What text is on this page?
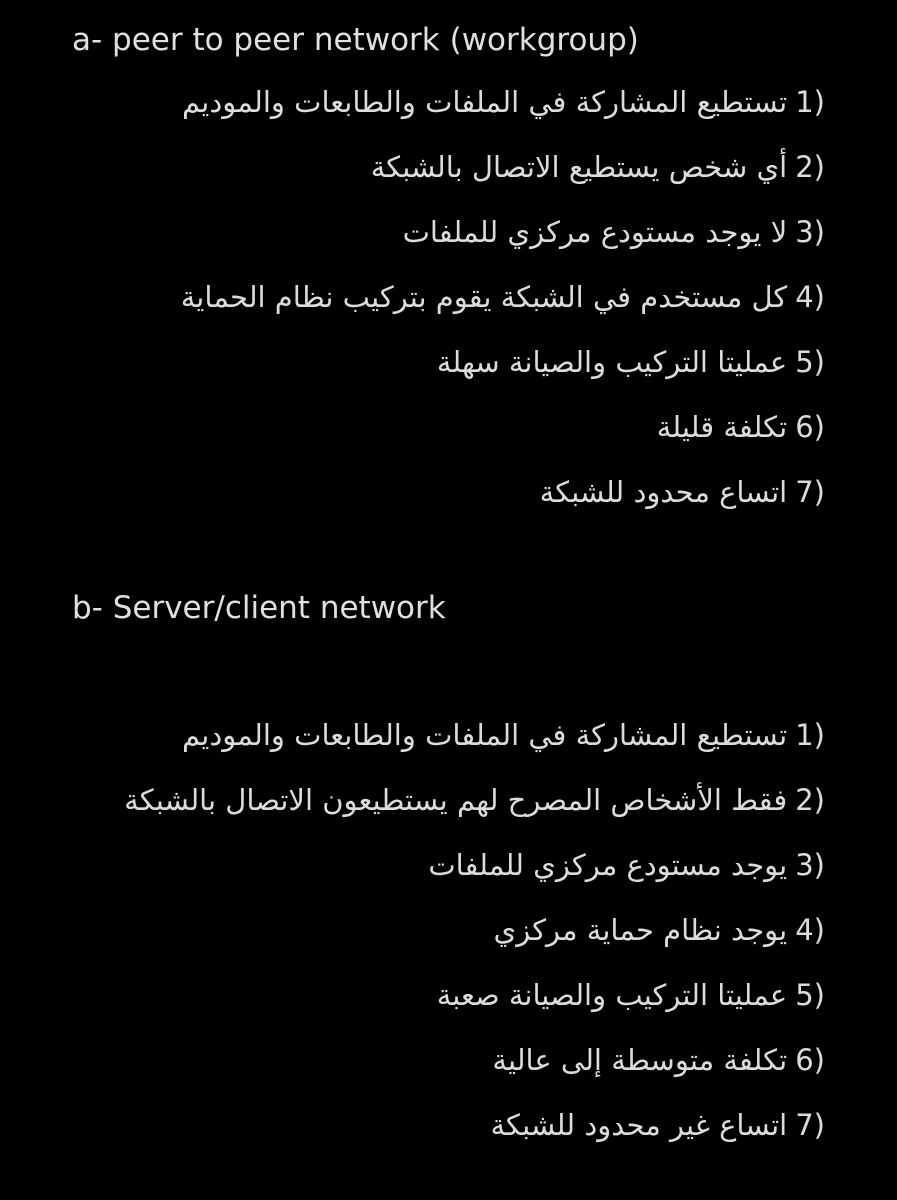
a- peer to peer network (workgroup)
1)تستطيع المشاركة في الملفات والطابعات والموديم
2)أي شخص يستطيع الاتصال بالشبكة
3)لا يوجد مستودع مركزي للملفات
4)كل مستخدم في الشبكة يقوم بتركيب نظام الحماية
5)عمليتا التركيب والصيانة سهلة
6)تكلفة قليلة
7)اتساع محدود للشبكة
b- Server/client network
1)تستطيع المشاركة في الملفات والطابعات والموديم
2)فقط الأشخاص المصرح لهم يستطيعون الاتصال بالشبكة
3)يوجد مستودع مركزي للملفات
4)يوجد نظام حماية مركزي
5)عمليتا التركيب والصيانة صعبة
6)تكلفة متوسطة إلى عالية
7)اتساع غير محدود للشبكة
